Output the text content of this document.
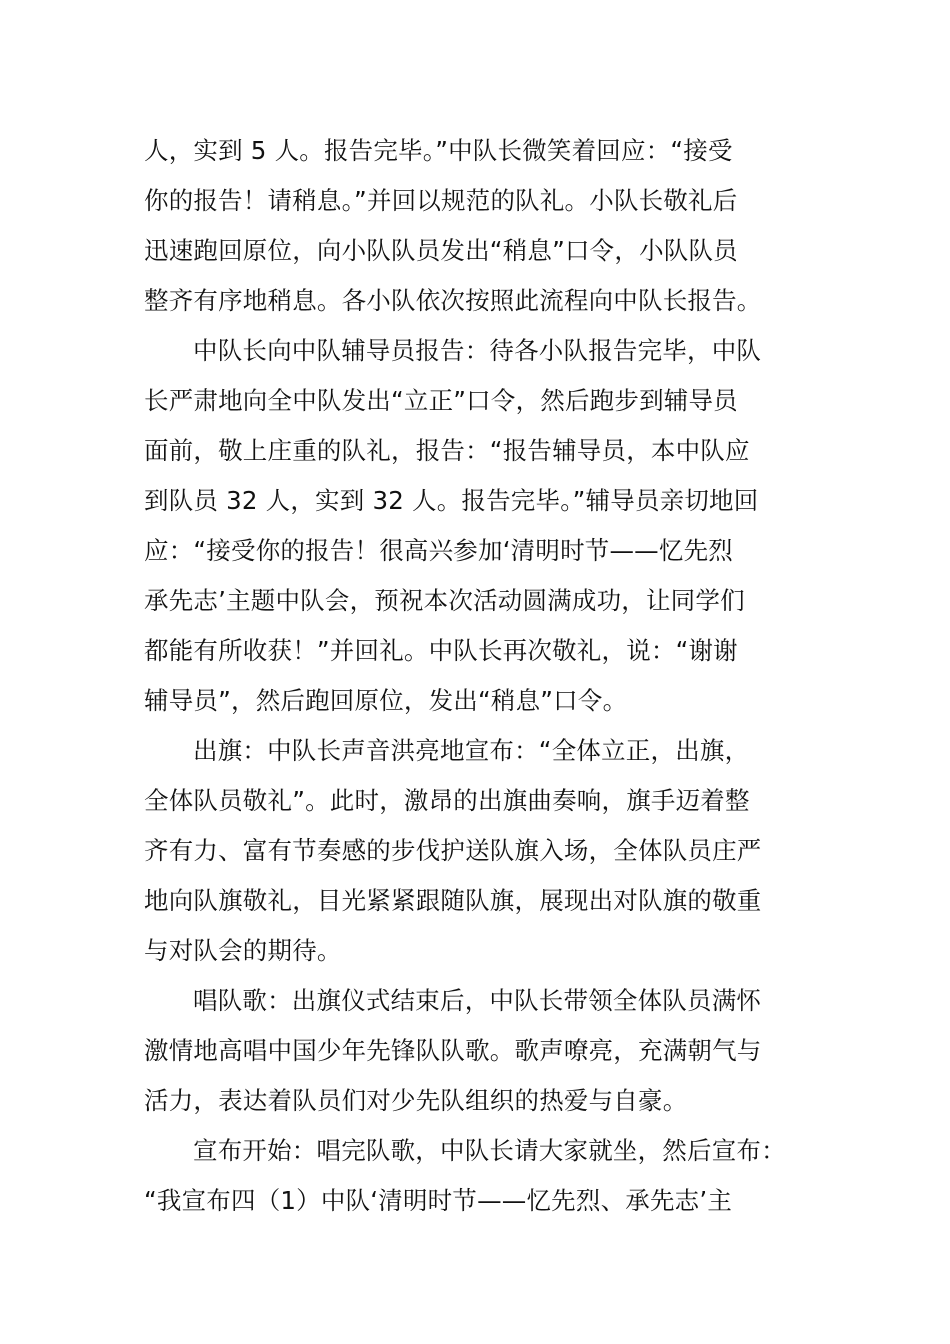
人，实到 5 人。报告完毕。”中队长微笑着回应：“接受
你的报告！请稍息。”并回以规范的队礼。小队长敬礼后
迅速跑回原位，向小队队员发出“稍息”口令，小队队员
整齐有序地稍息。各小队依次按照此流程向中队长报告。
中队长向中队辅导员报告：待各小队报告完毕，中队
长严肃地向全中队发出“立正”口令，然后跑步到辅导员
面前，敬上庄重的队礼，报告：“报告辅导员，本中队应
到队员 32 人，实到 32 人。报告完毕。”辅导员亲切地回
应：“接受你的报告！很高兴参加‘清明时节——忆先烈
承先志’主题中队会，预祝本次活动圆满成功，让同学们
都能有所收获！”并回礼。中队长再次敬礼，说：“谢谢
辅导员”，然后跑回原位，发出“稍息”口令。
出旗：中队长声音洪亮地宣布：“全体立正，出旗，
全体队员敬礼”。此时，激昂的出旗曲奏响，旗手迈着整
齐有力、富有节奏感的步伐护送队旗入场，全体队员庄严
地向队旗敬礼，目光紧紧跟随队旗，展现出对队旗的敬重
与对队会的期待。
唱队歌：出旗仪式结束后，中队长带领全体队员满怀
激情地高唱中国少年先锋队队歌。歌声嘹亮，充满朝气与
活力，表达着队员们对少先队组织的热爱与自豪。
宣布开始：唱完队歌，中队长请大家就坐，然后宣布：
“我宣布四（1）中队‘清明时节——忆先烈、承先志’主
